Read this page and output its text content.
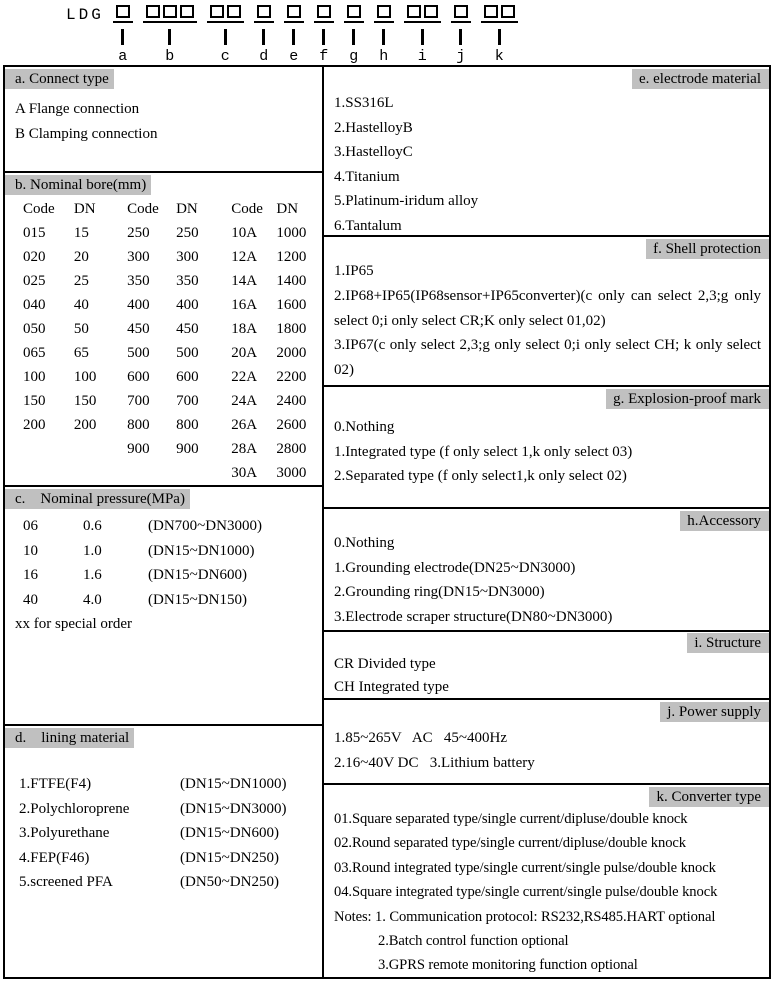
LDG
a	b	c d e f g h i j k
a. Connect type

A Flange connection

B Clamping connection

b. Nominal bore(mm)
Code	DN	Code	DN	Code	DN
015	15	250	250	10A	1000
020	20	300	300	12A	1200
025	25	350	350	14A	1400
040	40	400	400	16A	1600
050	50	450	450	18A	1800
065	65	500	500	20A	2000
100	100	600	600	22A	2200
150	150	700	700	24A	2400
200	200	800	800	26A	2600
		900	900	28A	2800
				30A	3000
c.    Nominal pressure(MPa)
06	0.6	(DN700~DN3000)
10	1.0	(DN15~DN1000)
16	1.6	(DN15~DN600)
40	4.0	(DN15~DN150)

xx for special order

d.    lining material
1.FTFE(F4)	(DN15~DN1000)
2.Polychloroprene	(DN15~DN3000)
3.Polyurethane	(DN15~DN600)
4.FEP(F46)	(DN15~DN250)
5.screened PFA	(DN50~DN250)
e. electrode material

1.SS316L

2.HastelloyB

3.HastelloyC

4.Titanium

5.Platinum-iridum alloy

6.Tantalum

f. Shell protection

1.IP65

2.IP68+IP65(IP68sensor+IP65converter)(c only can select 2,3;g only select 0;i only select CR;K only select 01,02)

3.IP67(c only select 2,3;g only select 0;i only select CH; k only select 02)

g. Explosion-proof mark

0.Nothing

1.Integrated type (f only select 1,k only select 03)

2.Separated type (f only select1,k only select 02)

h.Accessory

0.Nothing

1.Grounding electrode(DN25~DN3000)

2.Grounding ring(DN15~DN3000)

3.Electrode scraper structure(DN80~DN3000)

i. Structure

CR Divided type

CH Integrated type

j. Power supply

1.85~265V   AC   45~400Hz

2.16~40V DC   3.Lithium battery

k. Converter type

01.Square separated type/single current/dipluse/double knock

02.Round separated type/single current/dipluse/double knock

03.Round integrated type/single current/single pulse/double knock

04.Square integrated type/single current/single pulse/double knock

Notes: 1. Communication protocol: RS232,RS485.HART optional

2.Batch control function optional

3.GPRS remote monitoring function optional
